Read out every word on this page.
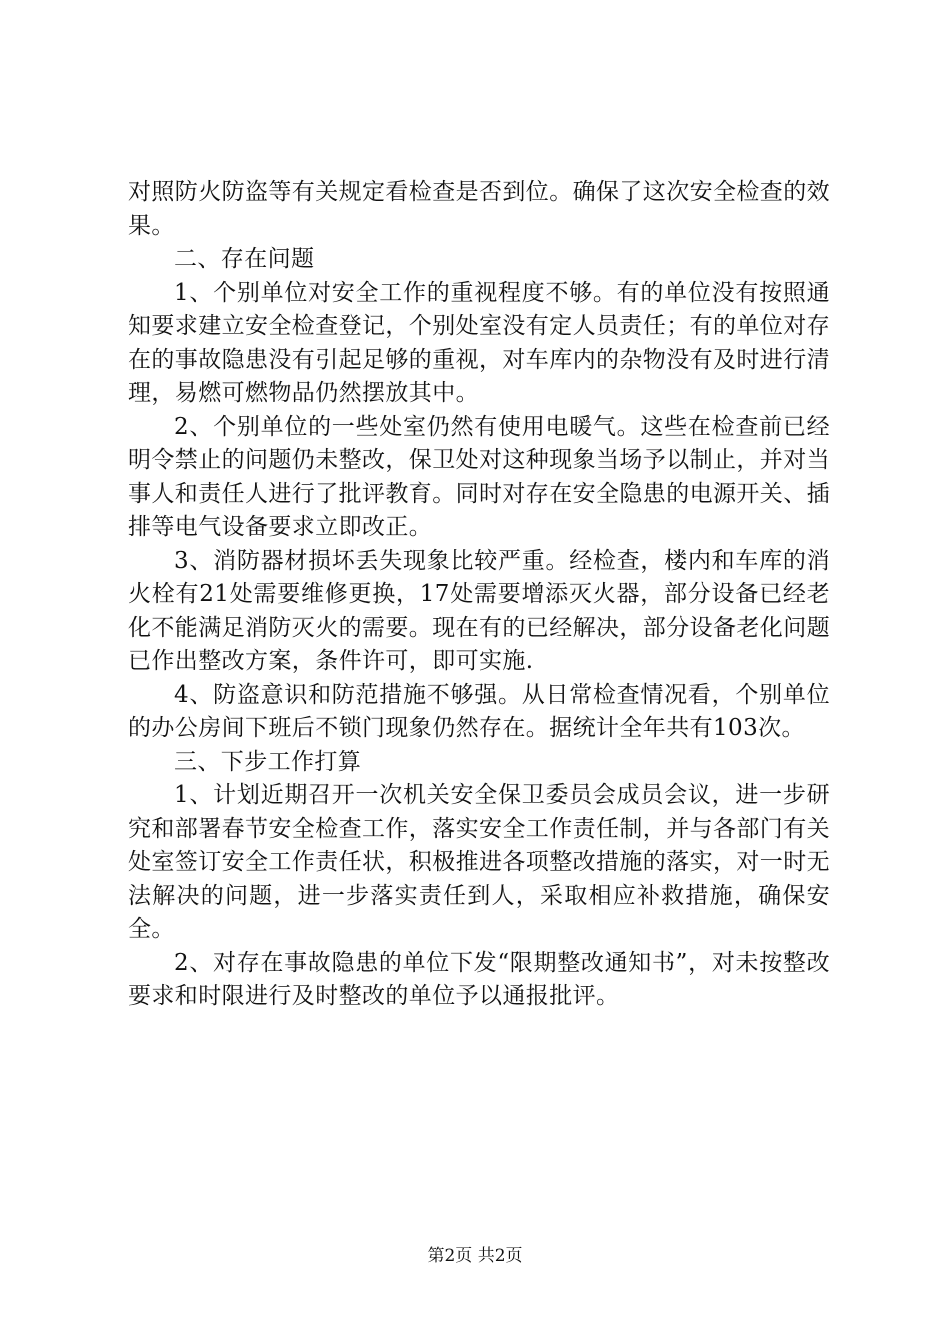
对照防火防盗等有关规定看检查是否到位。确保了这次安全检查的效果。

二、存在问题

1、个别单位对安全工作的重视程度不够。有的单位没有按照通知要求建立安全检查登记，个别处室没有定人员责任；有的单位对存在的事故隐患没有引起足够的重视，对车库内的杂物没有及时进行清理，易燃可燃物品仍然摆放其中。

2、个别单位的一些处室仍然有使用电暖气。这些在检查前已经明令禁止的问题仍未整改，保卫处对这种现象当场予以制止，并对当事人和责任人进行了批评教育。同时对存在安全隐患的电源开关、插排等电气设备要求立即改正。

3、消防器材损坏丢失现象比较严重。经检查，楼内和车库的消火栓有21处需要维修更换，17处需要增添灭火器，部分设备已经老化不能满足消防灭火的需要。现在有的已经解决，部分设备老化问题已作出整改方案，条件许可，即可实施.

4、防盗意识和防范措施不够强。从日常检查情况看，个别单位的办公房间下班后不锁门现象仍然存在。据统计全年共有103次。

三、下步工作打算

1、计划近期召开一次机关安全保卫委员会成员会议，进一步研究和部署春节安全检查工作，落实安全工作责任制，并与各部门有关处室签订安全工作责任状，积极推进各项整改措施的落实，对一时无法解决的问题，进一步落实责任到人，采取相应补救措施，确保安全。

2、对存在事故隐患的单位下发“限期整改通知书”，对未按整改要求和时限进行及时整改的单位予以通报批评。

第2页 共2页
